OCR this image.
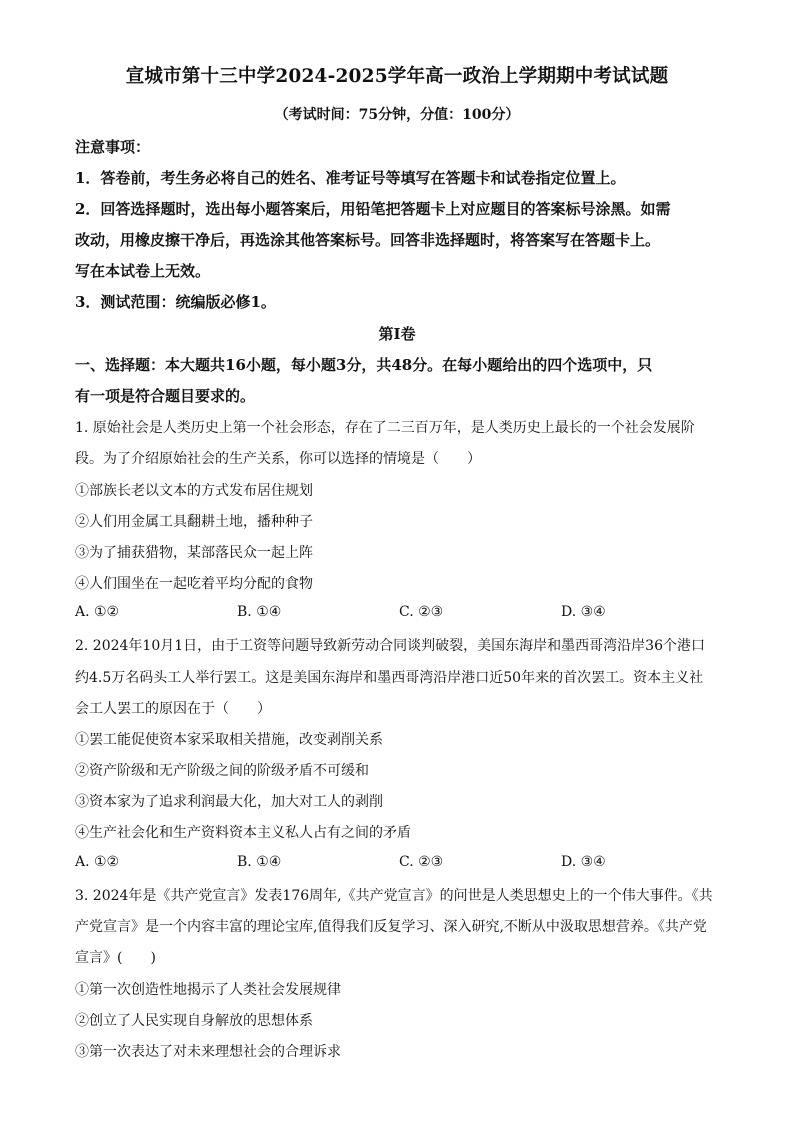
宣城市第十三中学2024-2025学年高一政治上学期期中考试试题
（考试时间：75分钟，分值：100分）
注意事项：
1．答卷前，考生务必将自己的姓名、准考证号等填写在答题卡和试卷指定位置上。
2．回答选择题时，选出每小题答案后，用铅笔把答题卡上对应题目的答案标号涂黑。如需
改动，用橡皮擦干净后，再选涂其他答案标号。回答非选择题时，将答案写在答题卡上。
写在本试卷上无效。
3．测试范围：统编版必修1。
第Ⅰ卷
一、选择题：本大题共16小题，每小题3分，共48分。在每小题给出的四个选项中，只
有一项是符合题目要求的。
1. 原始社会是人类历史上第一个社会形态，存在了二三百万年，是人类历史上最长的一个社会发展阶
段。为了介绍原始社会的生产关系，你可以选择的情境是（　　）
①部族长老以文本的方式发布居住规划
②人们用金属工具翻耕土地，播种种子
③为了捕获猎物，某部落民众一起上阵
④人们围坐在一起吃着平均分配的食物
A. ①②	B. ①④	C. ②③	D. ③④
2. 2024年10月1日，由于工资等问题导致新劳动合同谈判破裂，美国东海岸和墨西哥湾沿岸36个港口
约4.5万名码头工人举行罢工。这是美国东海岸和墨西哥湾沿岸港口近50年来的首次罢工。资本主义社
会工人罢工的原因在于（　　）
①罢工能促使资本家采取相关措施，改变剥削关系
②资产阶级和无产阶级之间的阶级矛盾不可缓和
③资本家为了追求利润最大化，加大对工人的剥削
④生产社会化和生产资料资本主义私人占有之间的矛盾
A. ①②	B. ①④	C. ②③	D. ③④
3. 2024年是《共产党宣言》发表176周年,《共产党宣言》的问世是人类思想史上的一个伟大事件。《共
产党宣言》是一个内容丰富的理论宝库,值得我们反复学习、深入研究,不断从中汲取思想营养。《共产党
宣言》(　　)
①第一次创造性地揭示了人类社会发展规律
②创立了人民实现自身解放的思想体系
③第一次表达了对未来理想社会的合理诉求
